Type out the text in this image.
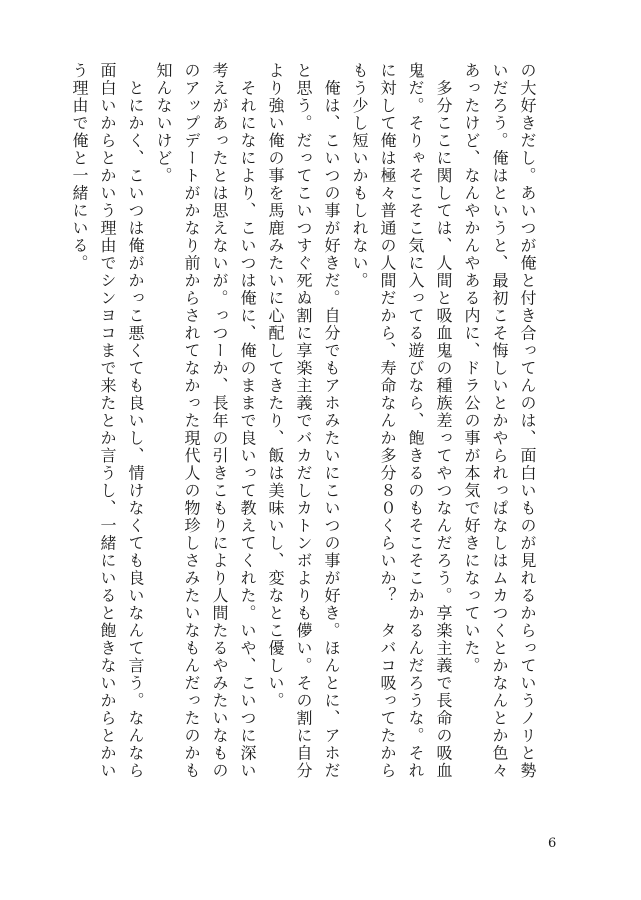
の大好きだし。あいつが俺と付き合ってんのは、面白いものが見れるからっていうノリと勢いだろう。俺はというと、最初こそ悔しいとかやられっぱなしはムカつくとかなんとか色々あったけど、なんやかんやある内に、ドラ公の事が本気で好きになっていた。

　多分ここに関しては、人間と吸血鬼の種族差ってやつなんだろう。享楽主義で長命の吸血鬼だ。そりゃそこそこ気に入ってる遊びなら、飽きるのもそこそこかかるんだろうな。それに対して俺は極々普通の人間だから、寿命なんか多分８０くらいか？　タバコ吸ってたからもう少し短いかもしれない。

　俺は、こいつの事が好きだ。自分でもアホみたいにこいつの事が好き。ほんとに、アホだと思う。だってこいつすぐ死ぬ割に享楽主義でバカだしカトンボよりも儚い。その割に自分より強い俺の事を馬鹿みたいに心配してきたり、飯は美味いし、変なとこ優しい。

　それになにより、こいつは俺に、俺のままで良いって教えてくれた。いや、こいつに深い考えがあったとは思えないが。っつーか、長年の引きこもりにより人間たるやみたいなもののアップデートがかなり前からされてなかった現代人の物珍しさみたいなもんだったのかも知んないけど。

　とにかく、こいつは俺がかっこ悪くても良いし、情けなくても良いなんて言う。なんなら面白いからとかいう理由でシンヨコまで来たとか言うし、一緒にいると飽きないからとかいう理由で俺と一緒にいる。

6
